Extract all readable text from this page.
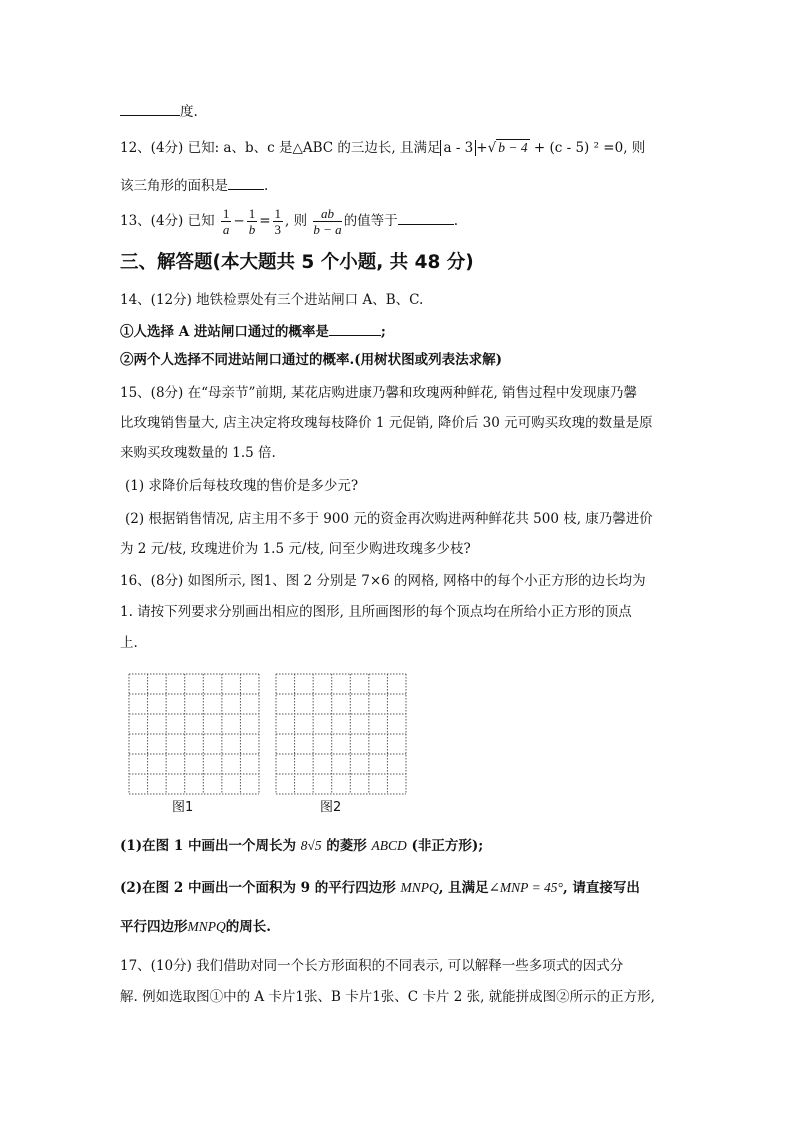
度.
12、(4分) 已知: a、b、c 是△ABC 的三边长, 且满足 a - 3 +√ b − 4 + (c - 5) ² =0, 则
该三角形的面积是	.
13、(4分) 已知 $\frac{1}{a} - \frac{1}{b} = \frac{1}{3}$ , 则 $\frac{ab}{b - a}$ 的值等于	.
三、解答题(本大题共 5 个小题, 共 48 分)
14、(12分) 地铁检票处有三个进站闸口 A、B、C.
①人选择 A 进站闸口通过的概率是	;
②两个人选择不同进站闸口通过的概率.(用树状图或列表法求解)
15、(8分) 在“母亲节”前期, 某花店购进康乃馨和玫瑰两种鲜花, 销售过程中发现康乃馨
比玫瑰销售量大, 店主决定将玫瑰每枝降价 1 元促销, 降价后 30 元可购买玫瑰的数量是原
来购买玫瑰数量的 1.5 倍.
(1) 求降价后每枝玫瑰的售价是多少元?
(2) 根据销售情况, 店主用不多于 900 元的资金再次购进两种鲜花共 500 枝, 康乃馨进价
为 2 元/枝, 玫瑰进价为 1.5 元/枝, 问至少购进玫瑰多少枝?
16、(8分) 如图所示, 图1、图 2 分别是 7×6 的网格, 网格中的每个小正方形的边长均为
1. 请按下列要求分别画出相应的图形, 且所画图形的每个顶点均在所给小正方形的顶点
上.
图1	图2
(1)在图 1 中画出一个周长为 8√5 的菱形 ABCD (非正方形);
(2)在图 2 中画出一个面积为 9 的平行四边形 MNPQ, 且满足∠MNP = 45°, 请直接写出
平行四边形MNPQ的周长.
17、(10分) 我们借助对同一个长方形面积的不同表示, 可以解释一些多项式的因式分
解. 例如选取图①中的 A 卡片1张、B 卡片1张、C 卡片 2 张, 就能拼成图②所示的正方形,
